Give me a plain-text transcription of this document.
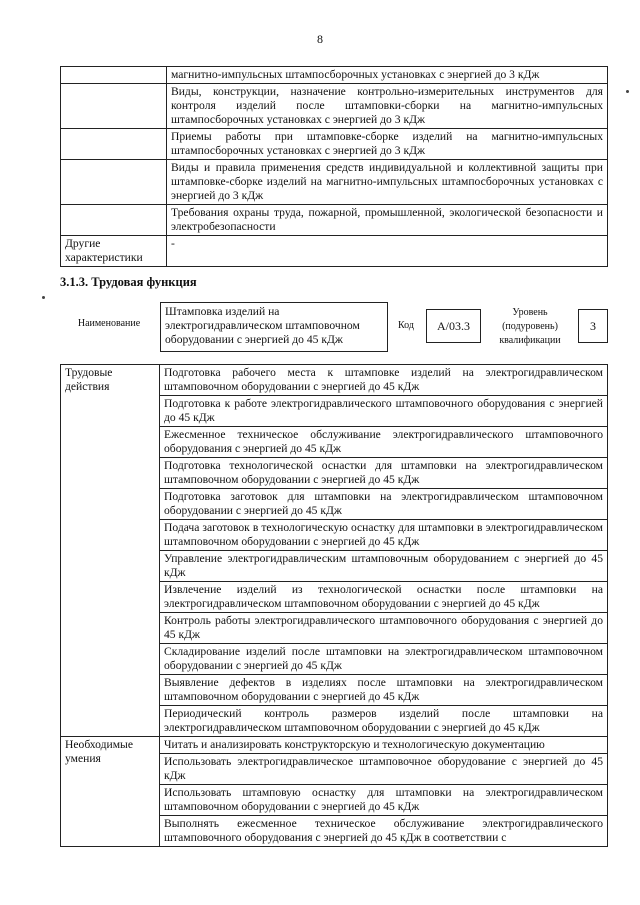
8
	магнитно-импульсных штампосборочных установках с энергией до 3 кДж
	Виды, конструкции, назначение контрольно-измерительных инструментов для контроля изделий после штамповки-сборки на магнитно-импульсных штампосборочных установках с энергией до 3 кДж
	Приемы работы при штамповке-сборке изделий на магнитно-импульсных штампосборочных установках с энергией до 3 кДж
	Виды и правила применения средств индивидуальной и коллективной защиты при штамповке-сборке изделий на магнитно-импульсных штампосборочных установках с энергией до 3 кДж
	Требования охраны труда, пожарной, промышленной, экологической безопасности и электробезопасности
Другие характеристики	-
3.1.3. Трудовая функция
Наименование
Штамповка изделий на электрогидравлическом штамповочном оборудовании с энергией до 45 кДж
Код	A/03.3
Уровень (подуровень) квалификации
3
Трудовые действия	Подготовка рабочего места к штамповке изделий на электрогидравлическом штамповочном оборудовании с энергией до 45 кДж
	Подготовка к работе электрогидравлического штамповочного оборудования с энергией до 45 кДж
	Ежесменное техническое обслуживание электрогидравлического штамповочного оборудования с энергией до 45 кДж
	Подготовка технологической оснастки для штамповки на электрогидравлическом штамповочном оборудовании с энергией до 45 кДж
	Подготовка заготовок для штамповки на электрогидравлическом штамповочном оборудовании с энергией до 45 кДж
	Подача заготовок в технологическую оснастку для штамповки в электрогидравлическом штамповочном оборудовании с энергией до 45 кДж
	Управление электрогидравлическим штамповочным оборудованием с энергией до 45 кДж
	Извлечение изделий из технологической оснастки после штамповки на электрогидравлическом штамповочном оборудовании с энергией до 45 кДж
	Контроль работы электрогидравлического штамповочного оборудования с энергией до 45 кДж
	Складирование изделий после штамповки на электрогидравлическом штамповочном оборудовании с энергией до 45 кДж
	Выявление дефектов в изделиях после штамповки на электрогидравлическом штамповочном оборудовании с энергией до 45 кДж
	Периодический контроль размеров изделий после штамповки на электрогидравлическом штамповочном оборудовании с энергией до 45 кДж
Необходимые умения	Читать и анализировать конструкторскую и технологическую документацию
	Использовать электрогидравлическое штамповочное оборудование с энергией до 45 кДж
	Использовать штамповую оснастку для штамповки на электрогидравлическом штамповочном оборудовании с энергией до 45 кДж
	Выполнять ежесменное техническое обслуживание электрогидравлического штамповочного оборудования с энергией до 45 кДж в соответствии с
